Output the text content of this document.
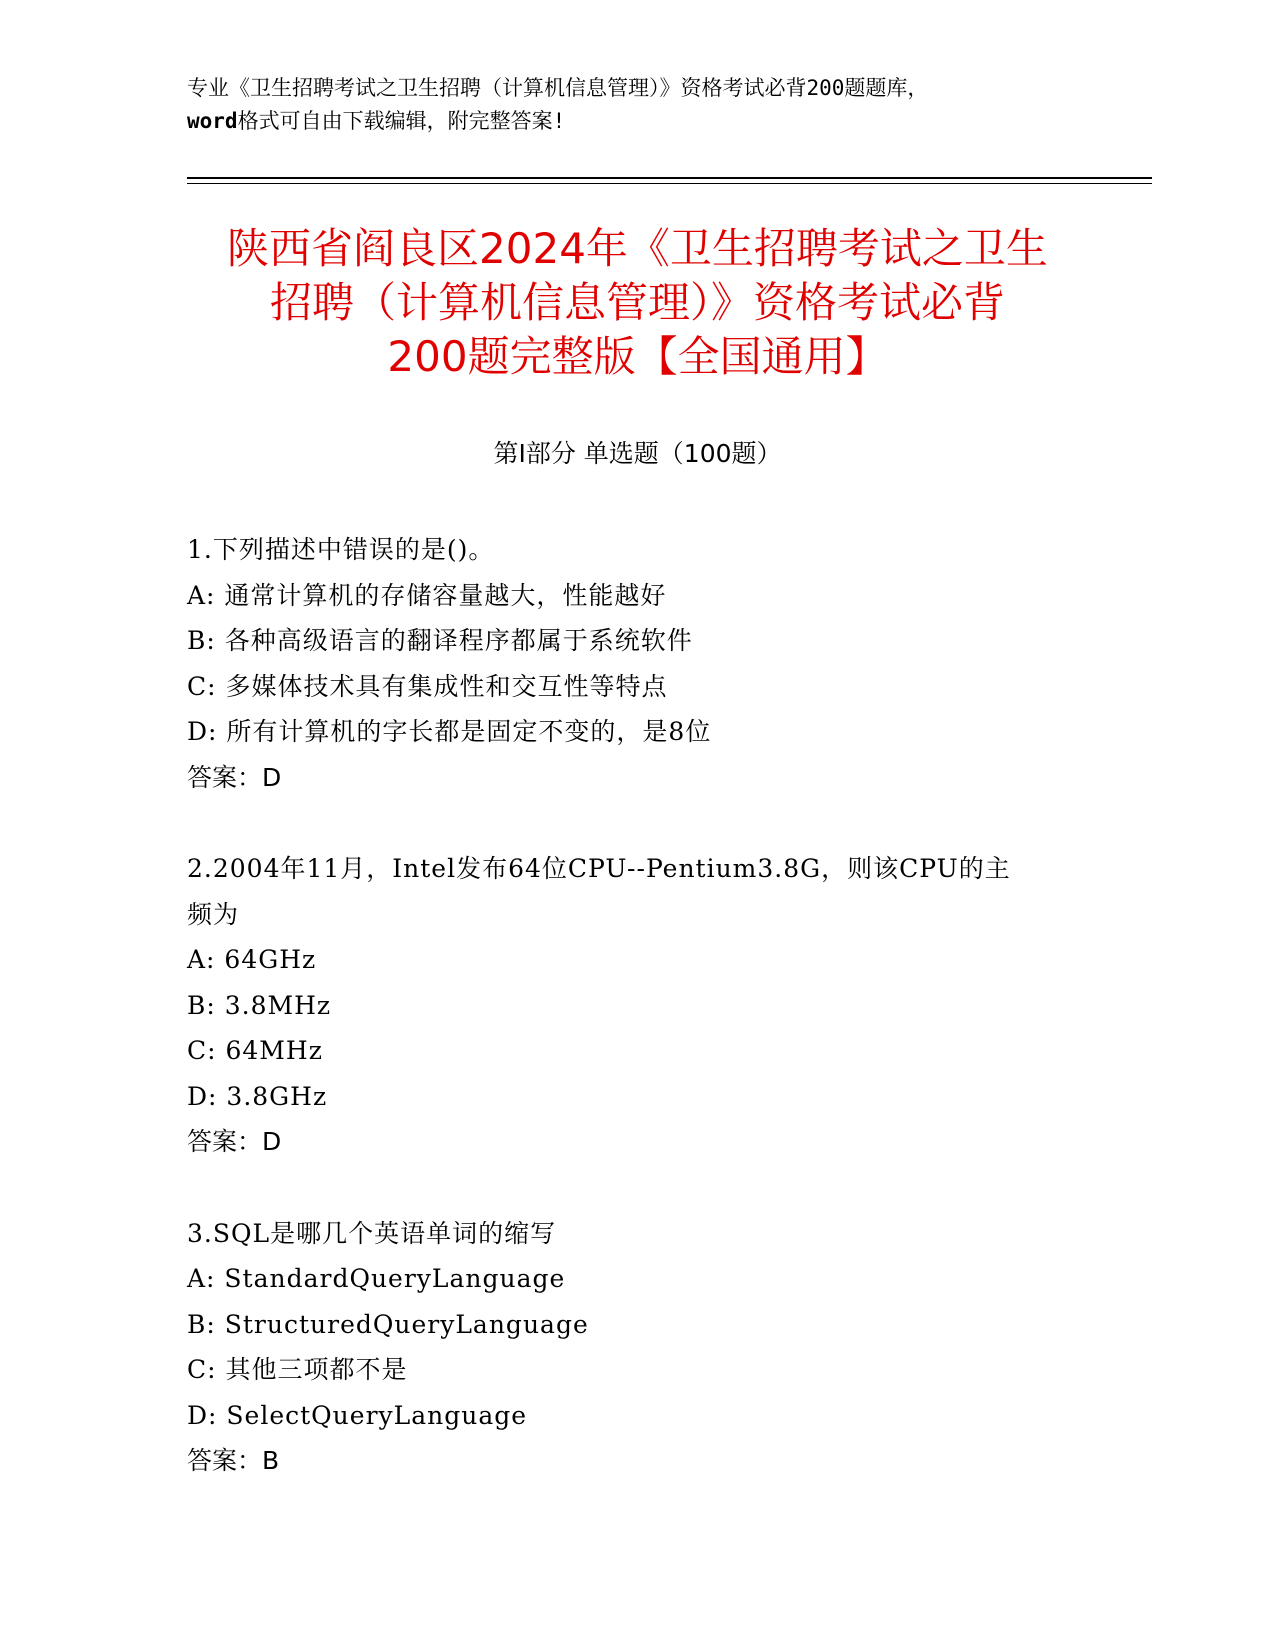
专业《卫生招聘考试之卫生招聘（计算机信息管理）》资格考试必背200题题库，
word格式可自由下载编辑，附完整答案!
陕西省阎良区2024年《卫生招聘考试之卫生
招聘（计算机信息管理）》资格考试必背
200题完整版【全国通用】
第Ⅰ部分 单选题（100题）
1.下列描述中错误的是()。
A: 通常计算机的存储容量越大，性能越好
B: 各种高级语言的翻译程序都属于系统软件
C: 多媒体技术具有集成性和交互性等特点
D: 所有计算机的字长都是固定不变的，是8位
答案：D
2.2004年11月，Intel发布64位CPU--Pentium3.8G，则该CPU的主
频为
A: 64GHz
B: 3.8MHz
C: 64MHz
D: 3.8GHz
答案：D
3.SQL是哪几个英语单词的缩写
A: StandardQueryLanguage
B: StructuredQueryLanguage
C: 其他三项都不是
D: SelectQueryLanguage
答案：B
